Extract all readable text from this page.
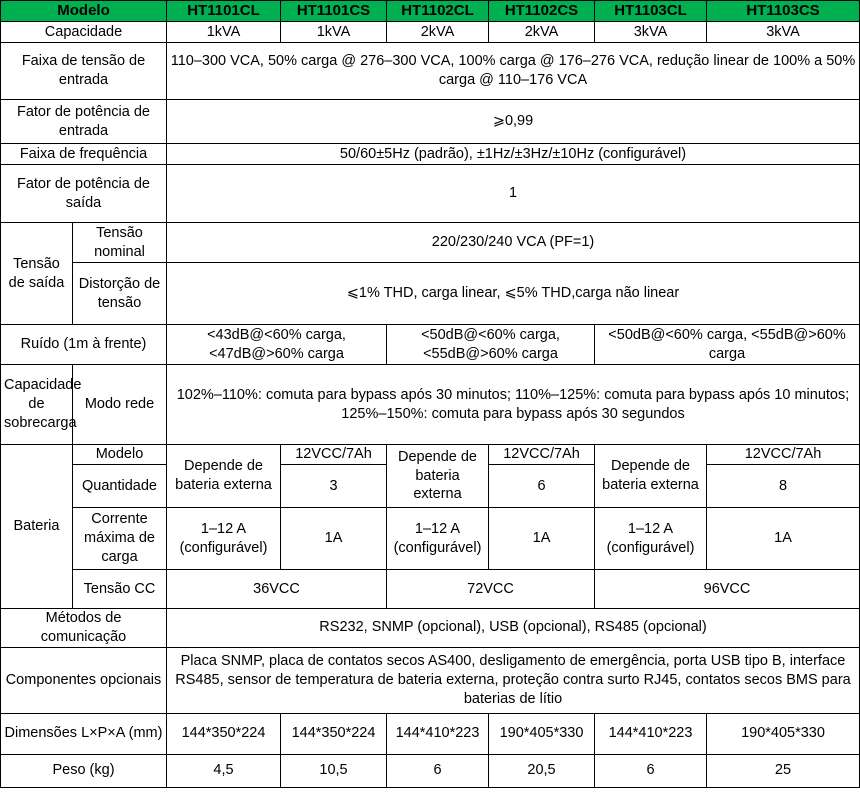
Modelo		HT1101CL	HT1101CS	HT1102CL	HT1102CS	HT1103CL	HT1103CS
Capacidade		1kVA	1kVA	2kVA	2kVA	3kVA	3kVA
Faixa de tensão de entrada		110–300 VCA, 50% carga @ 276–300 VCA, 100% carga @ 176–276 VCA, redução linear de 100% a 50% carga @ 110–176 VCA					
Fator de potência de entrada		⩾0,99					
Faixa de frequência		50/60±5Hz (padrão), ±1Hz/±3Hz/±10Hz (configurável)					
Fator de potência de saída		1					
Tensão de saída	Tensão nominal	220/230/240 VCA (PF=1)					
	Distorção de tensão	⩽1% THD, carga linear, ⩽5% THD,carga não linear					
Ruído (1m à frente)		<43dB@<60% carga, <47dB@>60% carga		<50dB@<60% carga, <55dB@>60% carga		<50dB@<60% carga, <55dB@>60% carga	
Capacidade de sobrecarga	Modo rede	102%–110%: comuta para bypass após 30 minutos; 110%–125%: comuta para bypass após 10 minutos; 125%–150%: comuta para bypass após 30 segundos					
Bateria	Modelo	Depende de bateria externa	12VCC/7Ah	Depende de bateria externa	12VCC/7Ah	Depende de bateria externa	12VCC/7Ah
	Quantidade		3		6		8
	Corrente máxima de carga	1–12 A (configurável)	1A	1–12 A (configurável)	1A	1–12 A (configurável)	1A
	Tensão CC	36VCC		72VCC		96VCC	

Métodos de comunicação		RS232, SNMP (opcional), USB (opcional), RS485 (opcional)					
Componentes opcionais		Placa SNMP, placa de contatos secos AS400, desligamento de emergência, porta USB tipo B, interface RS485, sensor de temperatura de bateria externa, proteção contra surto RJ45, contatos secos BMS para baterias de lítio					
Dimensões L×P×A (mm)		144*350*224	144*350*224	144*410*223	190*405*330	144*410*223	190*405*330
Peso (kg)		4,5	10,5	6	20,5	6	25
